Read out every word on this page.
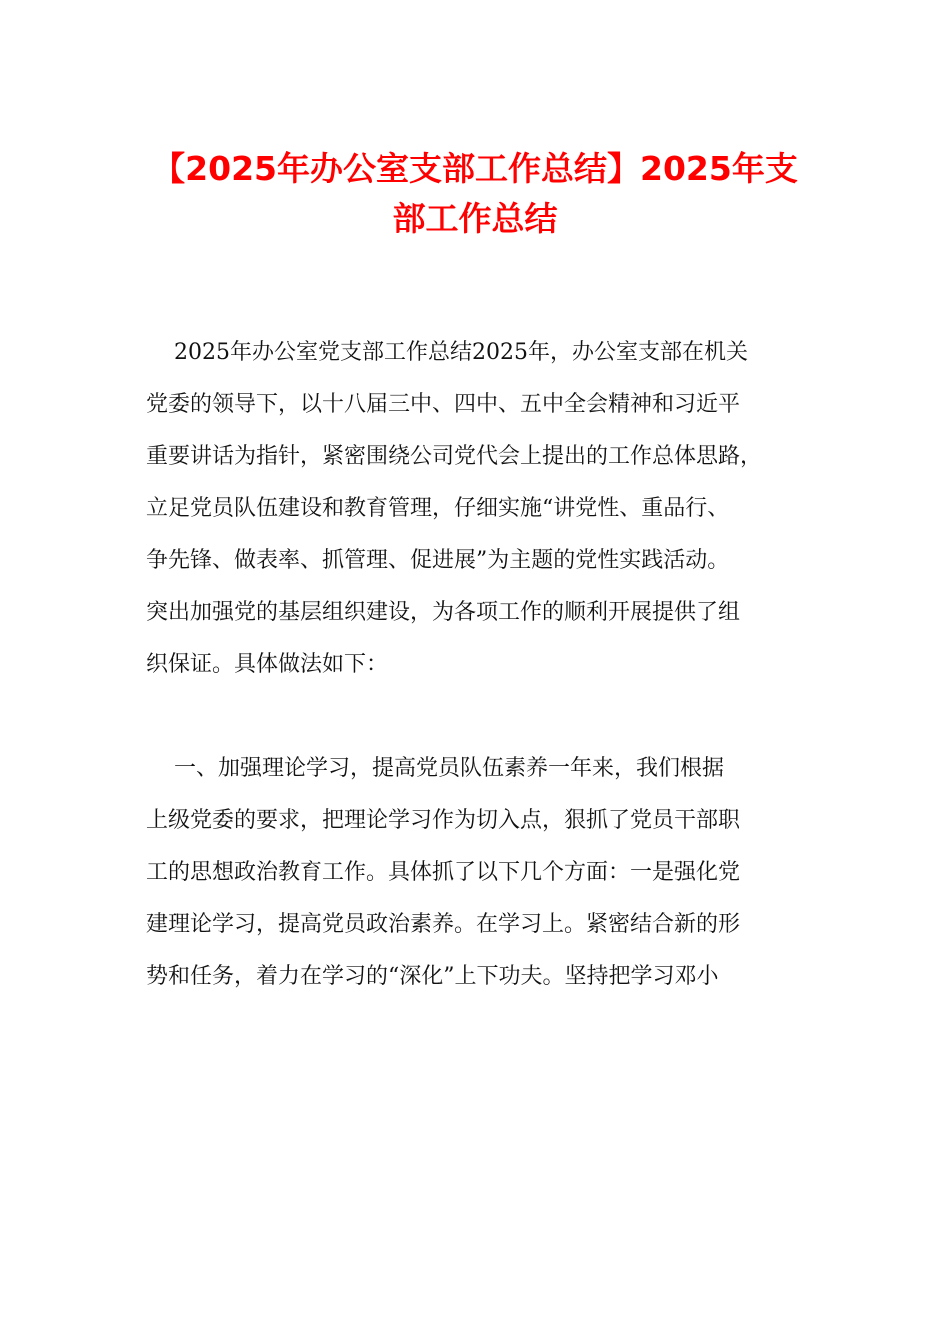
【2025年办公室支部工作总结】2025年支
部工作总结
2025年办公室党支部工作总结2025年，办公室支部在机关
党委的领导下，以十八届三中、四中、五中全会精神和习近平
重要讲话为指针，紧密围绕公司党代会上提出的工作总体思路，
立足党员队伍建设和教育管理，仔细实施“讲党性、重品行、
争先锋、做表率、抓管理、促进展”为主题的党性实践活动。
突出加强党的基层组织建设，为各项工作的顺利开展提供了组
织保证。具体做法如下：
一、加强理论学习，提高党员队伍素养一年来，我们根据
上级党委的要求，把理论学习作为切入点，狠抓了党员干部职
工的思想政治教育工作。具体抓了以下几个方面：一是强化党
建理论学习，提高党员政治素养。在学习上。紧密结合新的形
势和任务，着力在学习的“深化”上下功夫。坚持把学习邓小
